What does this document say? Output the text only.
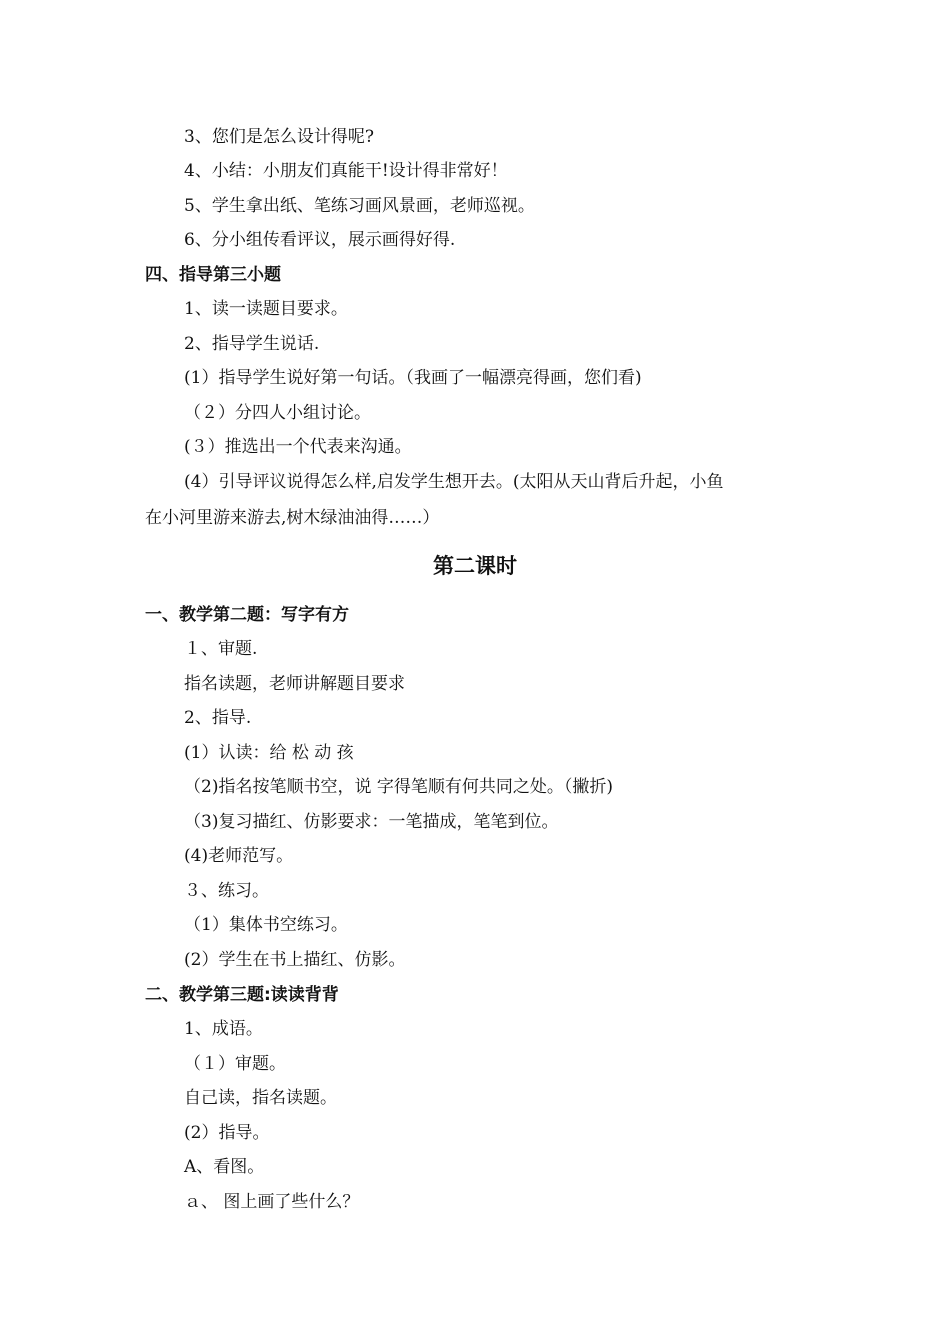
3、您们是怎么设计得呢?
4、小结：小朋友们真能干!设计得非常好！
5、学生拿出纸、笔练习画风景画，老师巡视。
6、分小组传看评议，展示画得好得.
四、指导第三小题
1、读一读题目要求。
2、指导学生说话.
(1）指导学生说好第一句话。（我画了一幅漂亮得画，您们看)
（２）分四人小组讨论。
(３）推选出一个代表来沟通。
(4）引导评议说得怎么样,启发学生想开去。(太阳从天山背后升起，小鱼
在小河里游来游去,树木绿油油得……）
第二课时
一、教学第二题：写字有方
１、审题.
指名读题，老师讲解题目要求
2、指导.
(1）认读：给 松 动 孩
（2)指名按笔顺书空，说 字得笔顺有何共同之处。（撇折)
（3)复习描红、仿影要求：一笔描成，笔笔到位。
(4)老师范写。
３、练习。
（1）集体书空练习。
(2）学生在书上描红、仿影。
二、教学第三题:读读背背
1、成语。
（１）审题。
自己读，指名读题。
(2）指导。
A、看图。
ａ、 图上画了些什么？
